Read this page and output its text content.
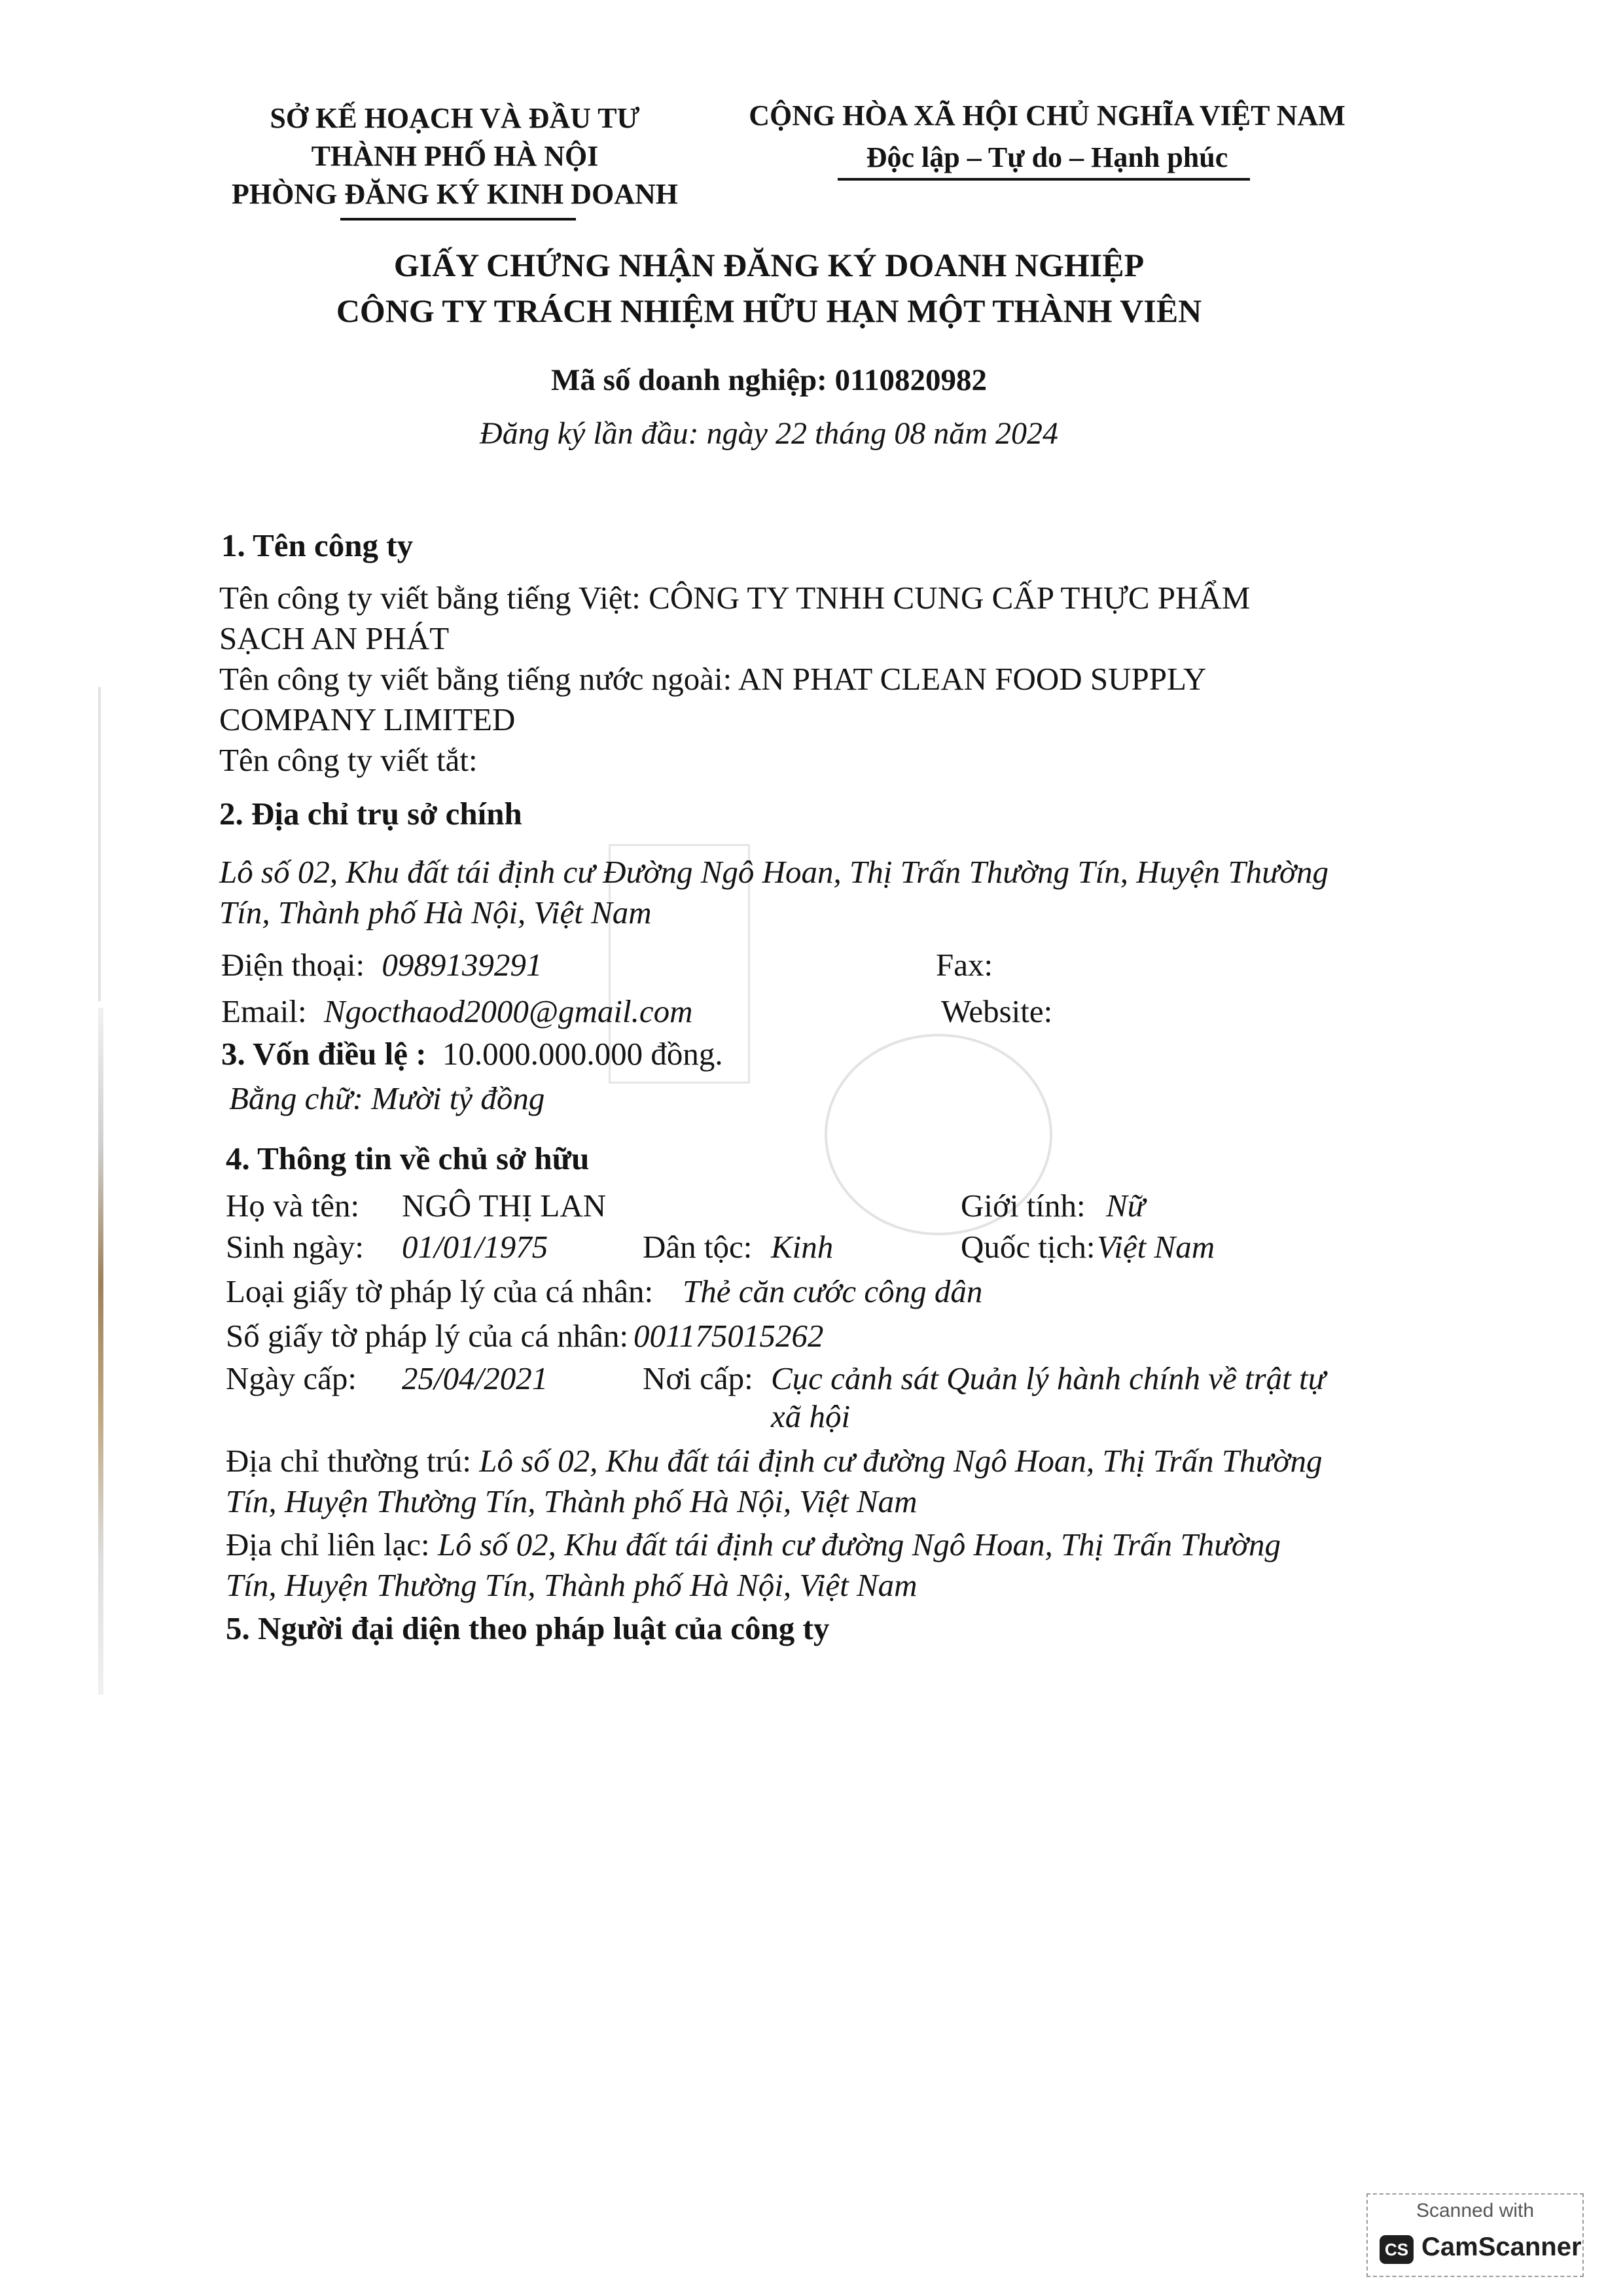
SỞ KẾ HOẠCH VÀ ĐẦU TƯ
THÀNH PHỐ HÀ NỘI
PHÒNG ĐĂNG KÝ KINH DOANH
CỘNG HÒA XÃ HỘI CHỦ NGHĨA VIỆT NAM
Độc lập – Tự do – Hạnh phúc
GIẤY CHỨNG NHẬN ĐĂNG KÝ DOANH NGHIỆP
CÔNG TY TRÁCH NHIỆM HỮU HẠN MỘT THÀNH VIÊN
Mã số doanh nghiệp: 0110820982
Đăng ký lần đầu: ngày 22 tháng 08 năm 2024
1. Tên công ty
Tên công ty viết bằng tiếng Việt: CÔNG TY TNHH CUNG CẤP THỰC PHẨM
SẠCH AN PHÁT
Tên công ty viết bằng tiếng nước ngoài: AN PHAT CLEAN FOOD SUPPLY
COMPANY LIMITED
Tên công ty viết tắt:
2. Địa chỉ trụ sở chính
Lô số 02, Khu đất tái định cư Đường Ngô Hoan, Thị Trấn Thường Tín, Huyện Thường
Tín, Thành phố Hà Nội, Việt Nam
Điện thoại: 0989139291	Fax:
Email: Ngocthaod2000@gmail.com	Website:
3. Vốn điều lệ : 10.000.000.000 đồng.
Bằng chữ: Mười tỷ đồng
4. Thông tin về chủ sở hữu
Họ và tên: NGÔ THỊ LAN	Giới tính: Nữ
Sinh ngày: 01/01/1975	Dân tộc: Kinh	Quốc tịch: Việt Nam
Loại giấy tờ pháp lý của cá nhân: Thẻ căn cước công dân
Số giấy tờ pháp lý của cá nhân: 001175015262
Ngày cấp: 25/04/2021	Nơi cấp: Cục cảnh sát Quản lý hành chính về trật tự
xã hội
Địa chỉ thường trú: Lô số 02, Khu đất tái định cư đường Ngô Hoan, Thị Trấn Thường
Tín, Huyện Thường Tín, Thành phố Hà Nội, Việt Nam
Địa chỉ liên lạc: Lô số 02, Khu đất tái định cư đường Ngô Hoan, Thị Trấn Thường
Tín, Huyện Thường Tín, Thành phố Hà Nội, Việt Nam
5. Người đại diện theo pháp luật của công ty
Scanned with
CS CamScanner
